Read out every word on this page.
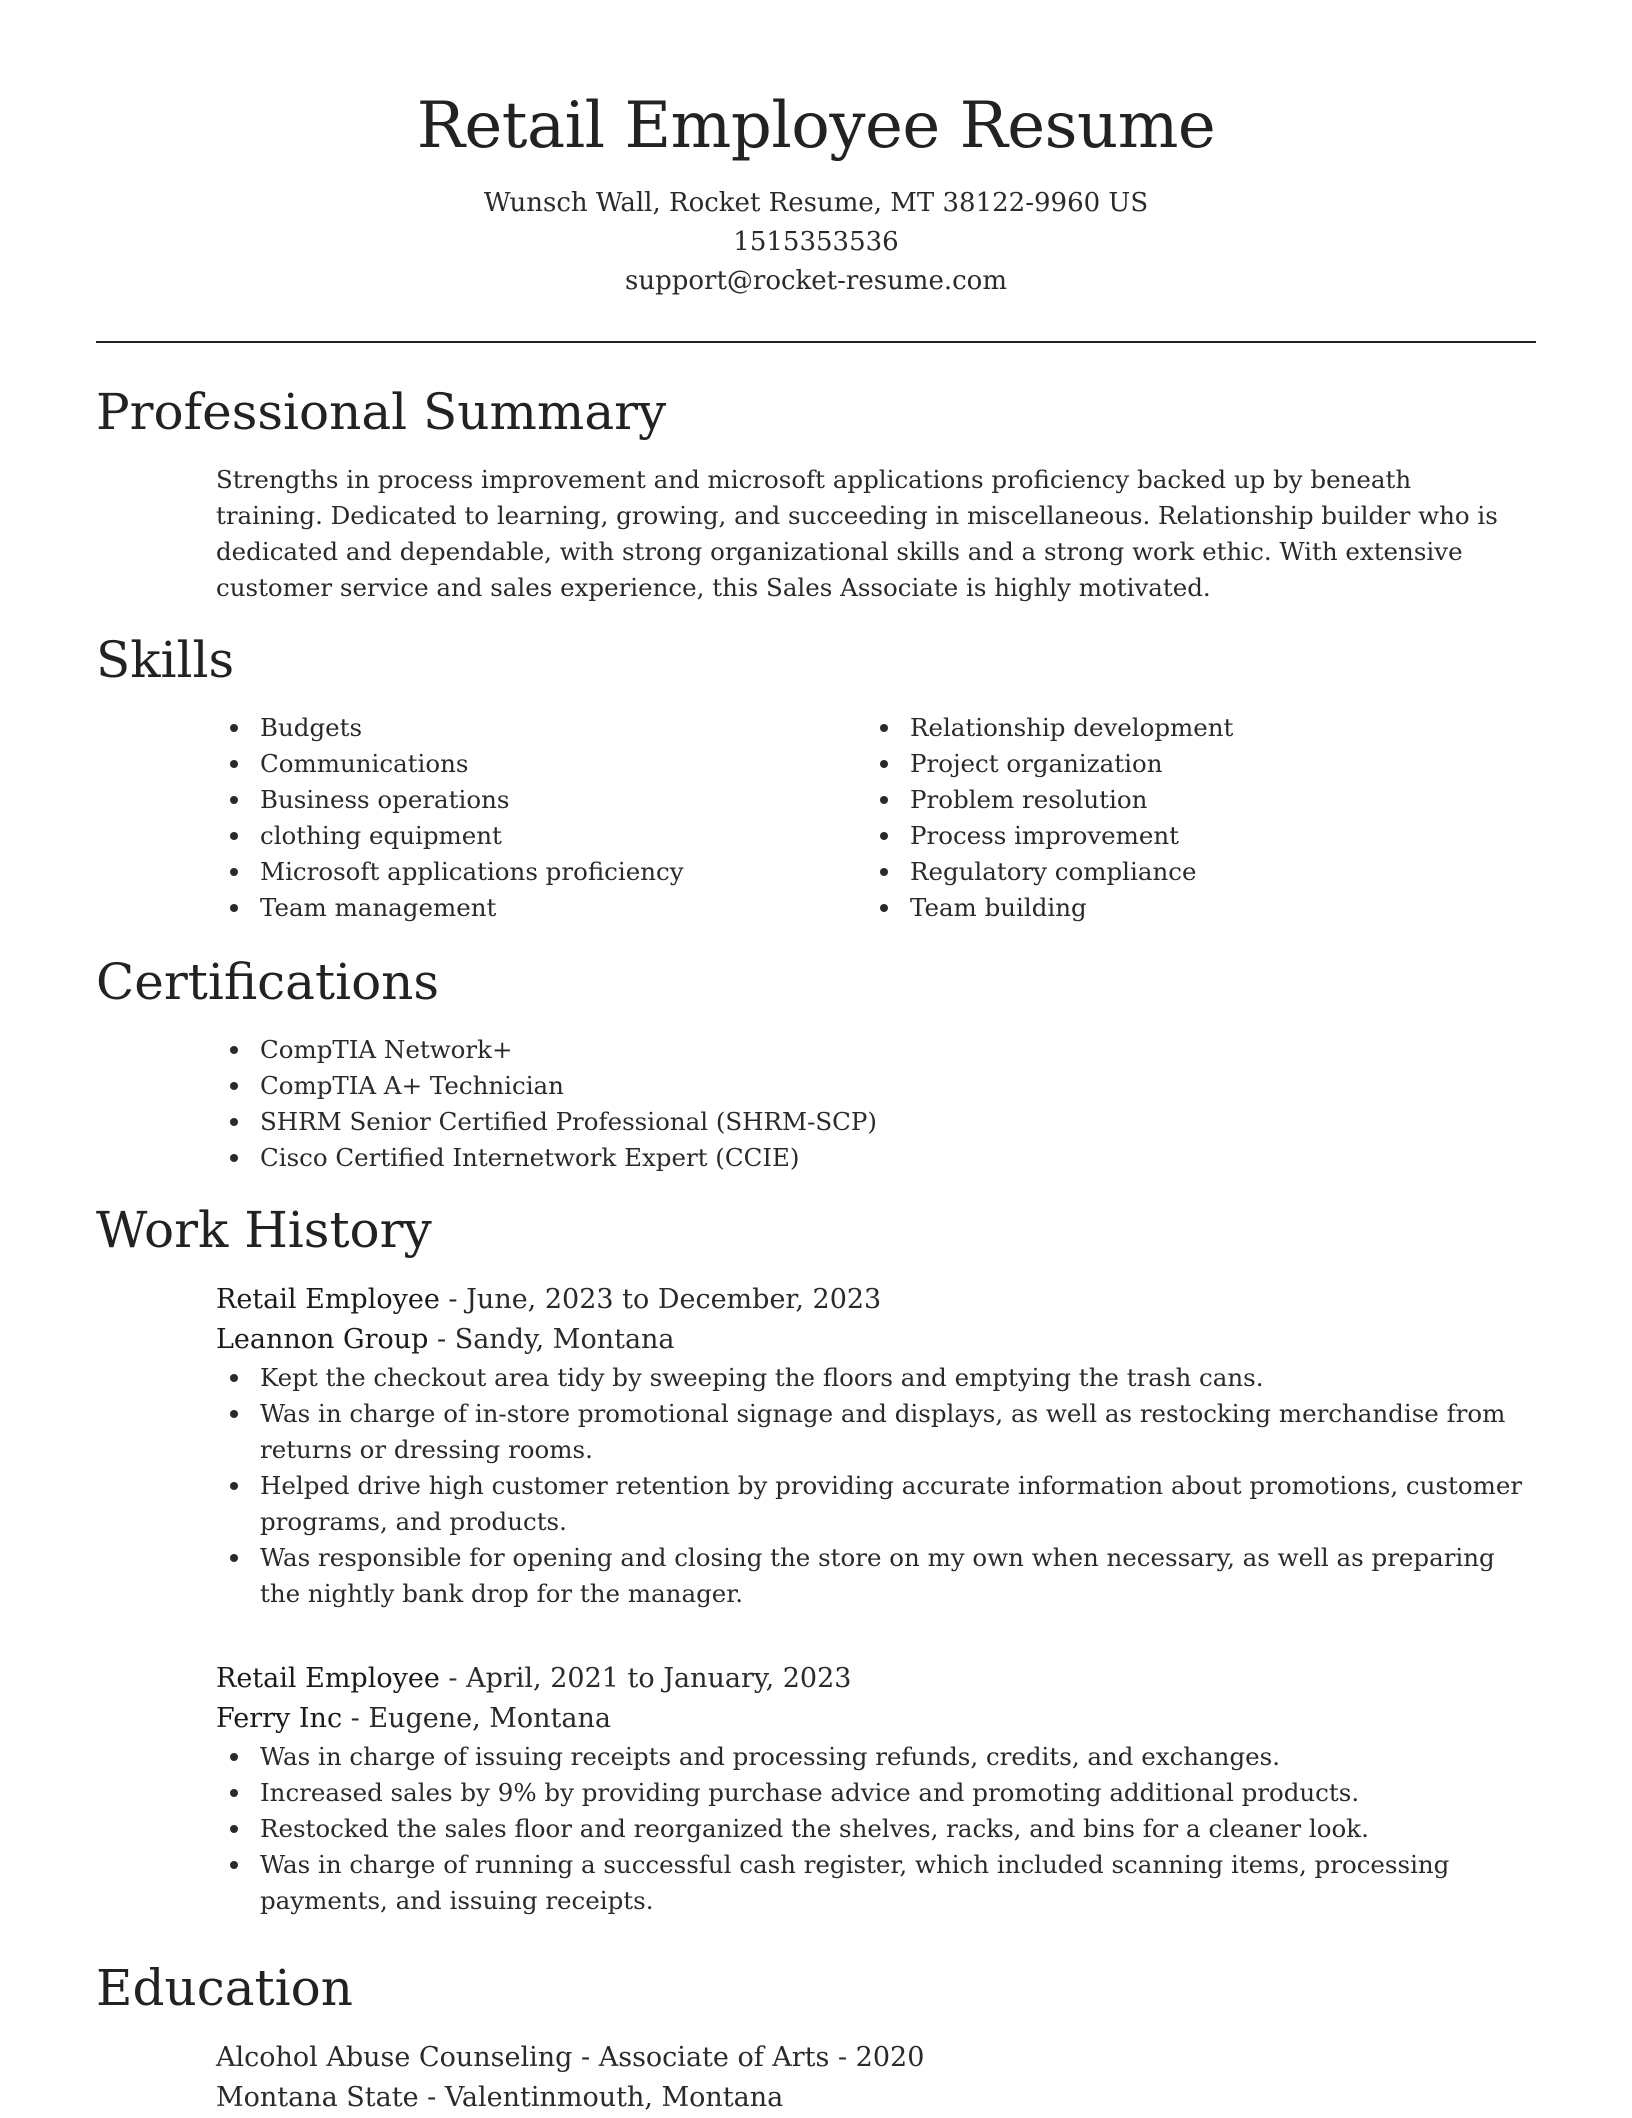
Retail Employee Resume
Wunsch Wall, Rocket Resume, MT 38122-9960 US
1515353536
support@rocket-resume.com
Professional Summary

Strengths in process improvement and microsoft applications proficiency backed up by beneath training. Dedicated to learning, growing, and succeeding in miscellaneous. Relationship builder who is dedicated and dependable, with strong organizational skills and a strong work ethic. With extensive customer service and sales experience, this Sales Associate is highly motivated.

Skills
Budgets
Communications
Business operations
clothing equipment
Microsoft applications proficiency
Team management
Relationship development
Project organization
Problem resolution
Process improvement
Regulatory compliance
Team building
Certifications
CompTIA Network+
CompTIA A+ Technician
SHRM Senior Certified Professional (SHRM-SCP)
Cisco Certified Internetwork Expert (CCIE)
Work History
Retail Employee - June, 2023 to December, 2023
Leannon Group - Sandy, Montana
Kept the checkout area tidy by sweeping the floors and emptying the trash cans.
Was in charge of in-store promotional signage and displays, as well as restocking merchandise from returns or dressing rooms.
Helped drive high customer retention by providing accurate information about promotions, customer programs, and products.
Was responsible for opening and closing the store on my own when necessary, as well as preparing the nightly bank drop for the manager.
Retail Employee - April, 2021 to January, 2023
Ferry Inc - Eugene, Montana
Was in charge of issuing receipts and processing refunds, credits, and exchanges.
Increased sales by 9% by providing purchase advice and promoting additional products.
Restocked the sales floor and reorganized the shelves, racks, and bins for a cleaner look.
Was in charge of running a successful cash register, which included scanning items, processing payments, and issuing receipts.
Education
Alcohol Abuse Counseling - Associate of Arts - 2020
Montana State - Valentinmouth, Montana
